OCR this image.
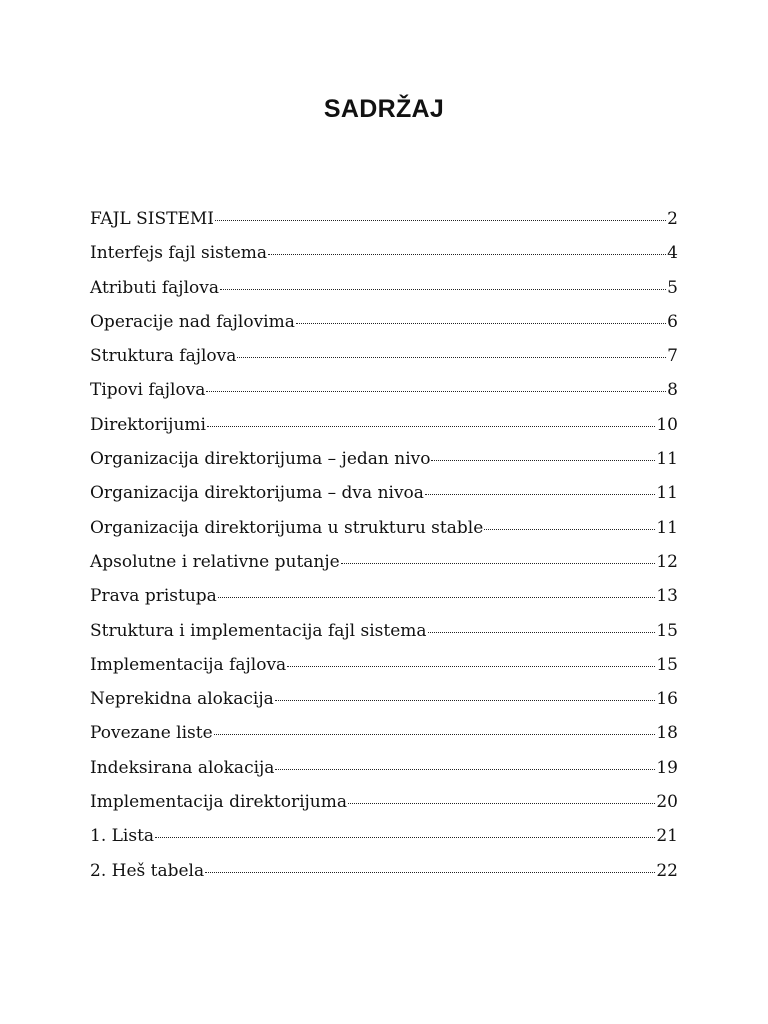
SADRŽAJ
FAJL SISTEMI	2
Interfejs fajl sistema	4
Atributi fajlova	5
Operacije nad fajlovima	6
Struktura fajlova	7
Tipovi fajlova	8
Direktorijumi	10
Organizacija direktorijuma – jedan nivo	11
Organizacija direktorijuma – dva nivoa	11
Organizacija direktorijuma u strukturu stable	11
Apsolutne i relativne putanje	12
Prava pristupa	13
Struktura i implementacija fajl sistema	15
Implementacija fajlova	15
Neprekidna alokacija	16
Povezane liste	18
Indeksirana alokacija	19
Implementacija direktorijuma	20
1. Lista	21
2. Heš tabela	22
